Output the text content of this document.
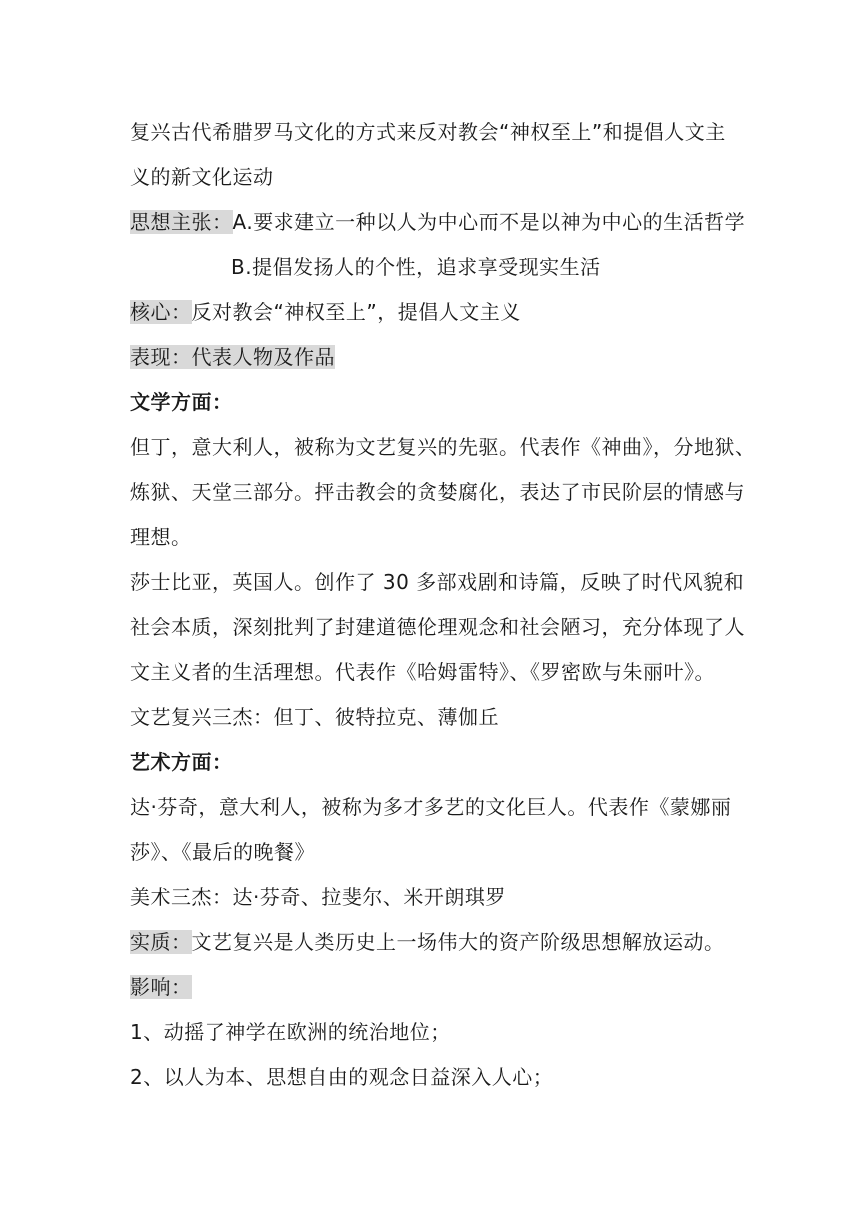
复兴古代希腊罗马文化的方式来反对教会“神权至上”和提倡人文主
义的新文化运动
思想主张：A.要求建立一种以人为中心而不是以神为中心的生活哲学
B.提倡发扬人的个性，追求享受现实生活
核心：反对教会“神权至上”，提倡人文主义
表现：代表人物及作品
文学方面：
但丁，意大利人，被称为文艺复兴的先驱。代表作《神曲》，分地狱、
炼狱、天堂三部分。抨击教会的贪婪腐化，表达了市民阶层的情感与
理想。
莎士比亚，英国人。创作了 30 多部戏剧和诗篇，反映了时代风貌和
社会本质，深刻批判了封建道德伦理观念和社会陋习，充分体现了人
文主义者的生活理想。代表作《哈姆雷特》、《罗密欧与朱丽叶》。
文艺复兴三杰：但丁、彼特拉克、薄伽丘
艺术方面：
达·芬奇，意大利人，被称为多才多艺的文化巨人。代表作《蒙娜丽
莎》、《最后的晚餐》
美术三杰：达·芬奇、拉斐尔、米开朗琪罗
实质：文艺复兴是人类历史上一场伟大的资产阶级思想解放运动。
影响：
1、动摇了神学在欧洲的统治地位；
2、以人为本、思想自由的观念日益深入人心；
